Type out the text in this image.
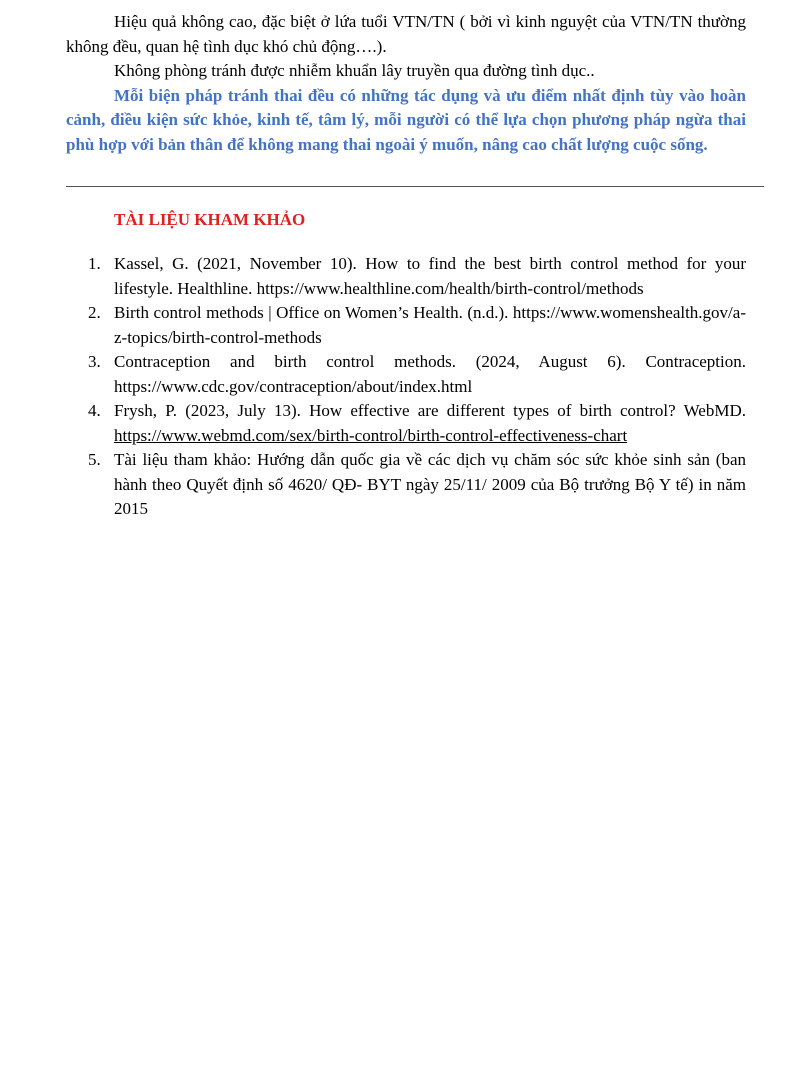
Hiệu quả không cao, đặc biệt ở lứa tuổi VTN/TN ( bởi vì kinh nguyệt của VTN/TN thường không đều, quan hệ tình dục khó chủ động….).

Không phòng tránh được nhiễm khuẩn lây truyền qua đường tình dục..

Mỗi biện pháp tránh thai đều có những tác dụng và ưu điểm nhất định tùy vào hoàn cảnh, điều kiện sức khỏe, kinh tế, tâm lý, mỗi người có thể lựa chọn phương pháp ngừa thai phù hợp với bản thân để không mang thai ngoài ý muốn, nâng cao chất lượng cuộc sống.

TÀI LIỆU KHAM KHẢO

1. Kassel, G. (2021, November 10). How to find the best birth control method for your lifestyle. Healthline. https://www.healthline.com/health/birth-control/methods
2. Birth control methods | Office on Women’s Health. (n.d.). https://www.womenshealth.gov/a-z-topics/birth-control-methods
3. Contraception and birth control methods. (2024, August 6). Contraception. https://www.cdc.gov/contraception/about/index.html
4. Frysh, P. (2023, July 13). How effective are different types of birth control? WebMD. https://www.webmd.com/sex/birth-control/birth-control-effectiveness-chart
5. Tài liệu tham khảo: Hướng dẫn quốc gia về các dịch vụ chăm sóc sức khỏe sinh sản (ban hành theo Quyết định số 4620/ QĐ- BYT ngày 25/11/ 2009 của Bộ trưởng Bộ Y tế) in năm 2015
